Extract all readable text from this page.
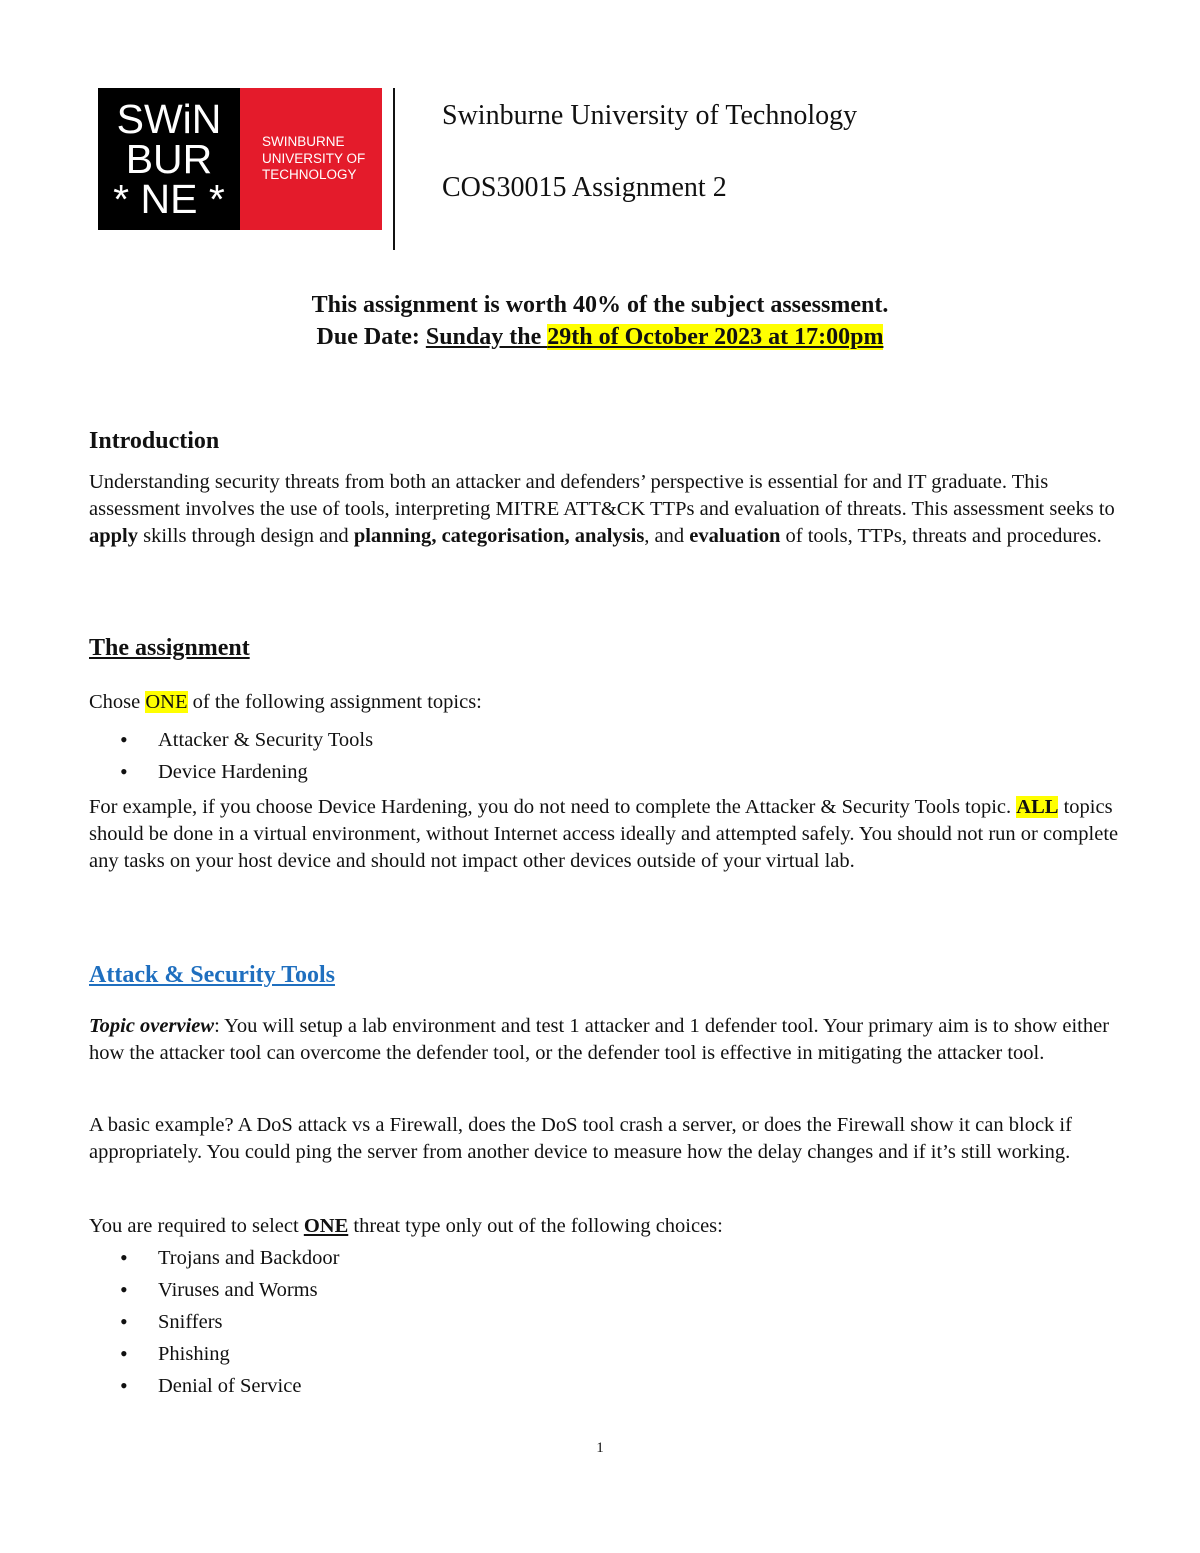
SWiN
BUR
* NE *
SWINBURNE
UNIVERSITY OF
TECHNOLOGY
Swinburne University of Technology
COS30015 Assignment 2
This assignment is worth 40% of the subject assessment.
Due Date: Sunday the 29th of October 2023 at 17:00pm
Introduction
Understanding security threats from both an attacker and defenders’ perspective is essential for and IT graduate. This assessment involves the use of tools, interpreting MITRE ATT&CK TTPs and evaluation of threats. This assessment seeks to apply skills through design and planning, categorisation, analysis, and evaluation of tools, TTPs, threats and procedures.
The assignment
Chose ONE of the following assignment topics:
• Attacker & Security Tools
• Device Hardening
For example, if you choose Device Hardening, you do not need to complete the Attacker & Security Tools topic. ALL topics should be done in a virtual environment, without Internet access ideally and attempted safely. You should not run or complete any tasks on your host device and should not impact other devices outside of your virtual lab.
Attack & Security Tools
Topic overview: You will setup a lab environment and test 1 attacker and 1 defender tool. Your primary aim is to show either how the attacker tool can overcome the defender tool, or the defender tool is effective in mitigating the attacker tool.
A basic example? A DoS attack vs a Firewall, does the DoS tool crash a server, or does the Firewall show it can block if appropriately. You could ping the server from another device to measure how the delay changes and if it’s still working.
You are required to select ONE threat type only out of the following choices:
• Trojans and Backdoor
• Viruses and Worms
• Sniffers
• Phishing
• Denial of Service
1
